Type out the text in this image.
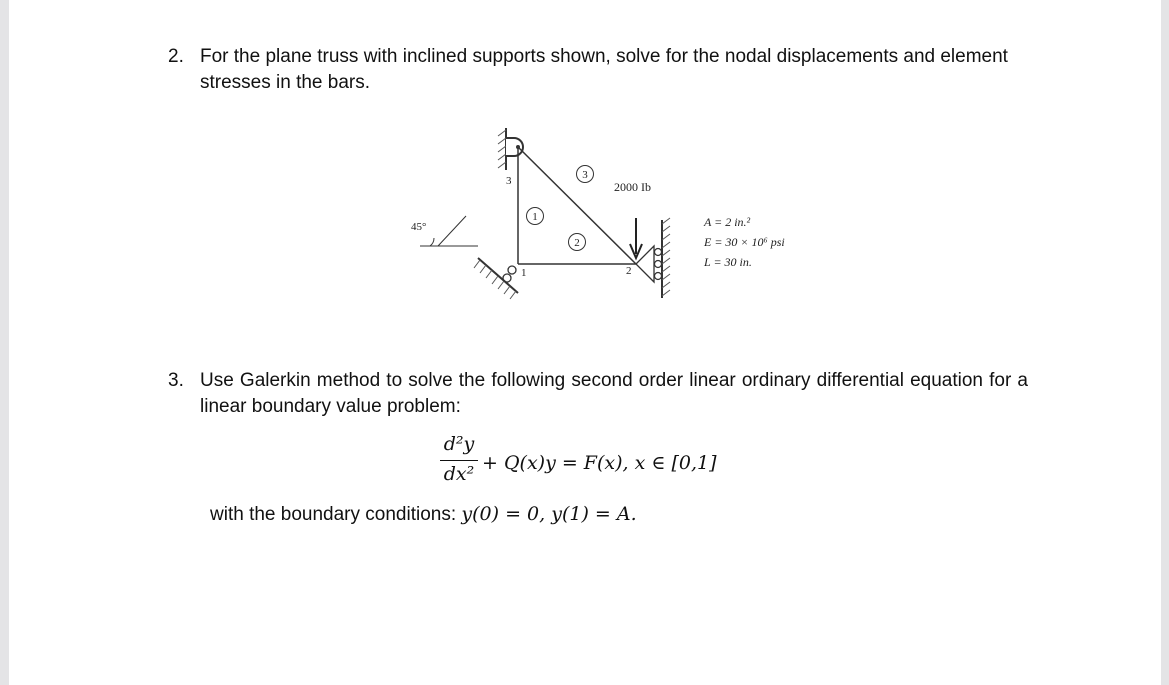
2. For the plane truss with inclined supports shown, solve for the nodal displacements and element stresses in the bars.
45°
2000 Ib
3
1	2
1
2
3
A = 2 in.²
E = 30 × 10⁶ psi
L = 30 in.
3. Use Galerkin method to solve the following second order linear ordinary differential equation for a linear boundary value problem:
d²y
dx² + Q(x)y = F(x), x ∈ [0,1]
with the boundary conditions: y(0) = 0, y(1) = A.
